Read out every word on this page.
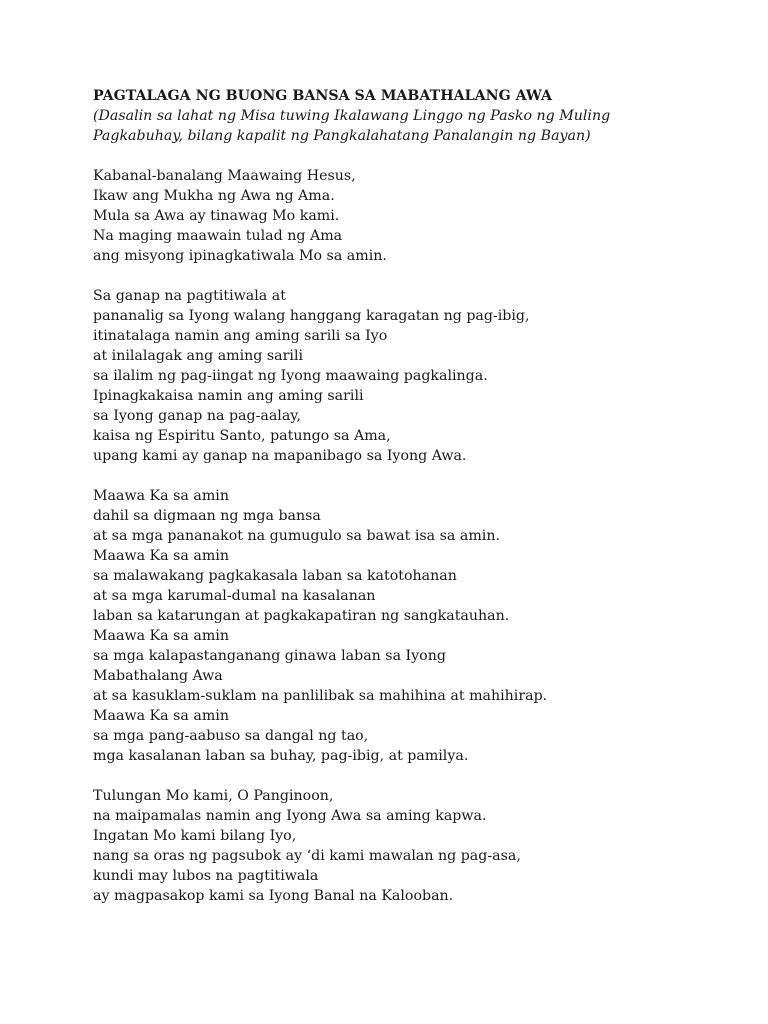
PAGTALAGA NG BUONG BANSA SA MABATHALANG AWA
(Dasalin sa lahat ng Misa tuwing Ikalawang Linggo ng Pasko ng Muling
Pagkabuhay, bilang kapalit ng Pangkalahatang Panalangin ng Bayan)
Kabanal-banalang Maawaing Hesus,
Ikaw ang Mukha ng Awa ng Ama.
Mula sa Awa ay tinawag Mo kami.
Na maging maawain tulad ng Ama
ang misyong ipinagkatiwala Mo sa amin.
Sa ganap na pagtitiwala at
pananalig sa Iyong walang hanggang karagatan ng pag-ibig,
itinatalaga namin ang aming sarili sa Iyo
at inilalagak ang aming sarili
sa ilalim ng pag-iingat ng Iyong maawaing pagkalinga.
Ipinagkakaisa namin ang aming sarili
sa Iyong ganap na pag-aalay,
kaisa ng Espiritu Santo, patungo sa Ama,
upang kami ay ganap na mapanibago sa Iyong Awa.
Maawa Ka sa amin
dahil sa digmaan ng mga bansa
at sa mga pananakot na gumugulo sa bawat isa sa amin.
Maawa Ka sa amin
sa malawakang pagkakasala laban sa katotohanan
at sa mga karumal-dumal na kasalanan
laban sa katarungan at pagkakapatiran ng sangkatauhan.
Maawa Ka sa amin
sa mga kalapastanganang ginawa laban sa Iyong
Mabathalang Awa
at sa kasuklam-suklam na panlilibak sa mahihina at mahihirap.
Maawa Ka sa amin
sa mga pang-aabuso sa dangal ng tao,
mga kasalanan laban sa buhay, pag-ibig, at pamilya.
Tulungan Mo kami, O Panginoon,
na maipamalas namin ang Iyong Awa sa aming kapwa.
Ingatan Mo kami bilang Iyo,
nang sa oras ng pagsubok ay ‘di kami mawalan ng pag-asa,
kundi may lubos na pagtitiwala
ay magpasakop kami sa Iyong Banal na Kalooban.
